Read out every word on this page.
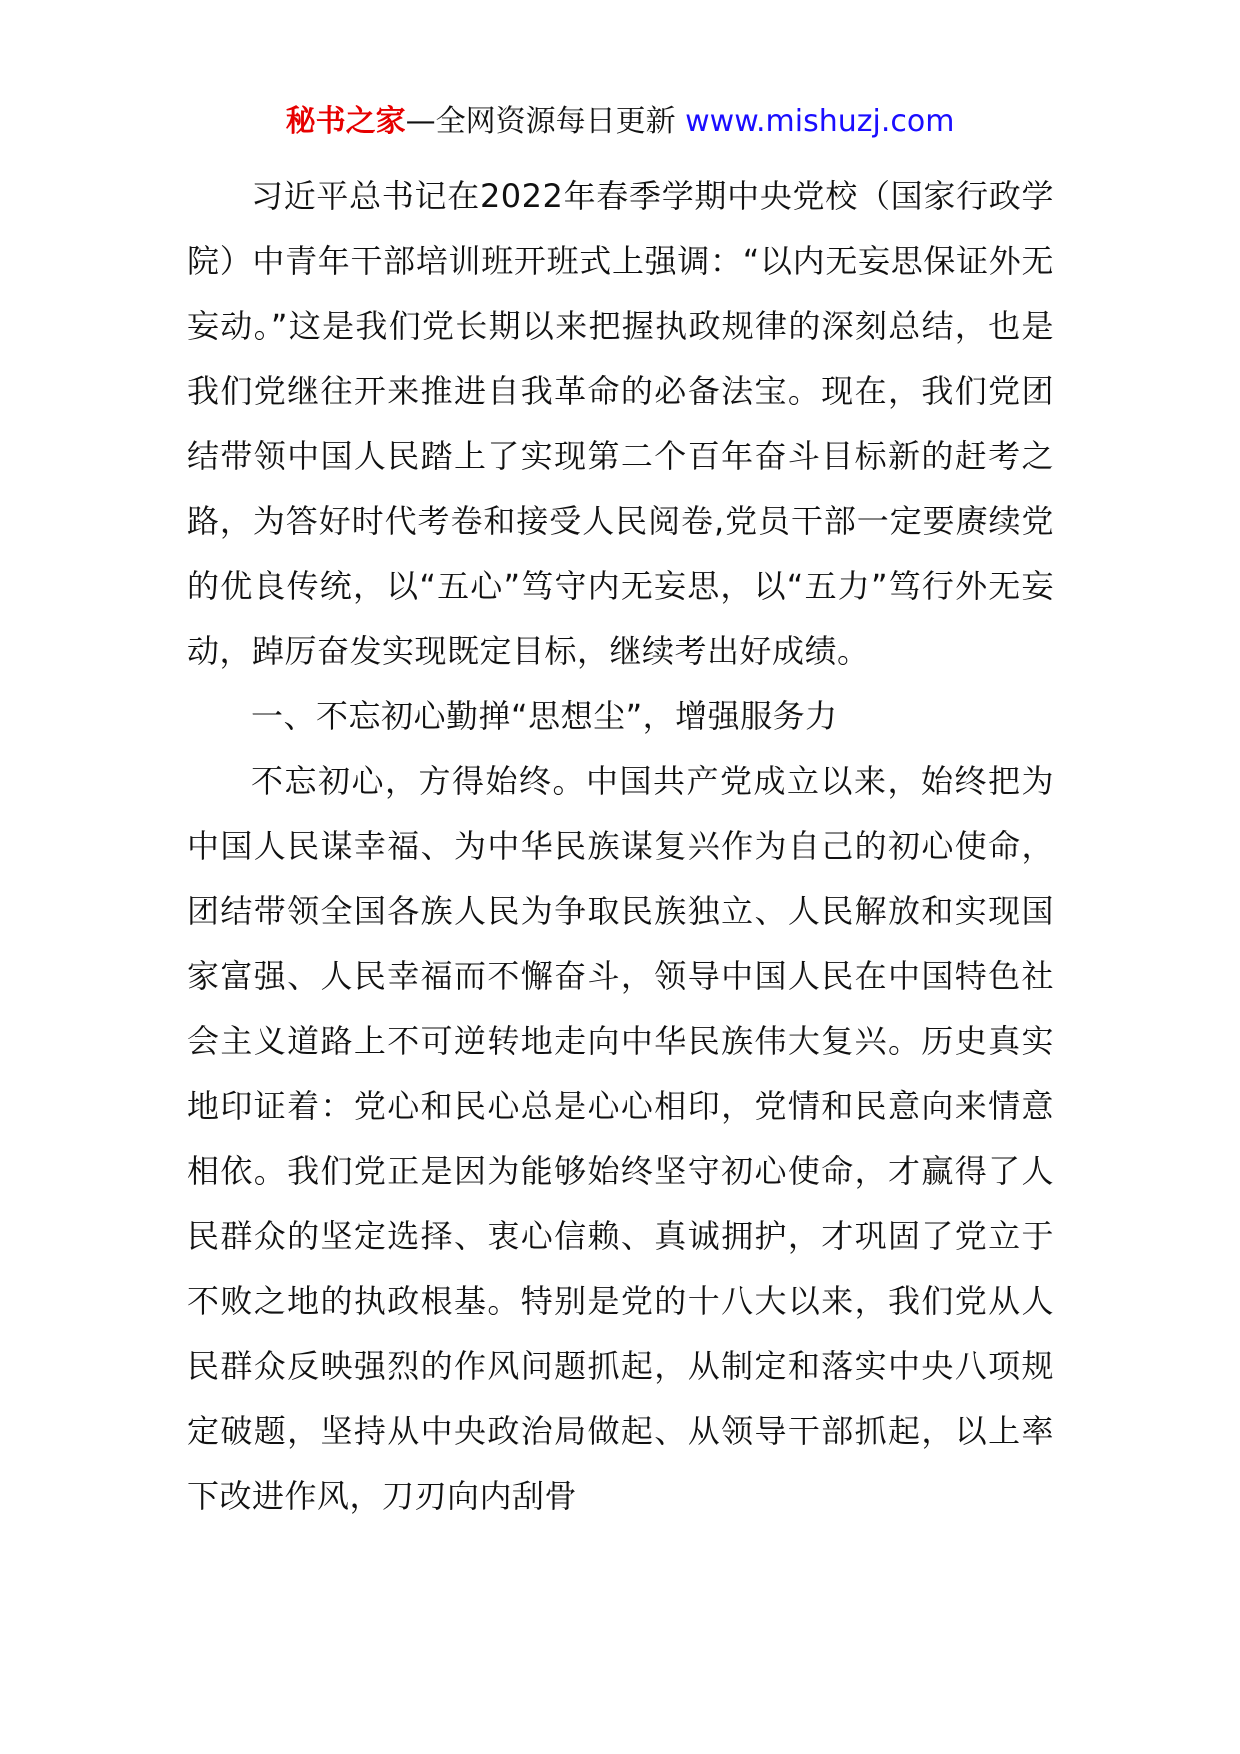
秘书之家—全网资源每日更新 www.mishuzj.com

习近平总书记在2022年春季学期中央党校（国家行政学院）中青年干部培训班开班式上强调：“以内无妄思保证外无妄动。”这是我们党长期以来把握执政规律的深刻总结，也是我们党继往开来推进自我革命的必备法宝。现在，我们党团结带领中国人民踏上了实现第二个百年奋斗目标新的赶考之路，为答好时代考卷和接受人民阅卷,党员干部一定要赓续党的优良传统，以“五心”笃守内无妄思，以“五力”笃行外无妄动，踔厉奋发实现既定目标，继续考出好成绩。

一、不忘初心勤掸“思想尘”，增强服务力

不忘初心，方得始终。中国共产党成立以来，始终把为中国人民谋幸福、为中华民族谋复兴作为自己的初心使命，团结带领全国各族人民为争取民族独立、人民解放和实现国家富强、人民幸福而不懈奋斗，领导中国人民在中国特色社会主义道路上不可逆转地走向中华民族伟大复兴。历史真实地印证着：党心和民心总是心心相印，党情和民意向来情意相依。我们党正是因为能够始终坚守初心使命，才赢得了人民群众的坚定选择、衷心信赖、真诚拥护，才巩固了党立于不败之地的执政根基。特别是党的十八大以来，我们党从人民群众反映强烈的作风问题抓起，从制定和落实中央八项规定破题，坚持从中央政治局做起、从领导干部抓起，以上率下改进作风，刀刃向内刮骨
